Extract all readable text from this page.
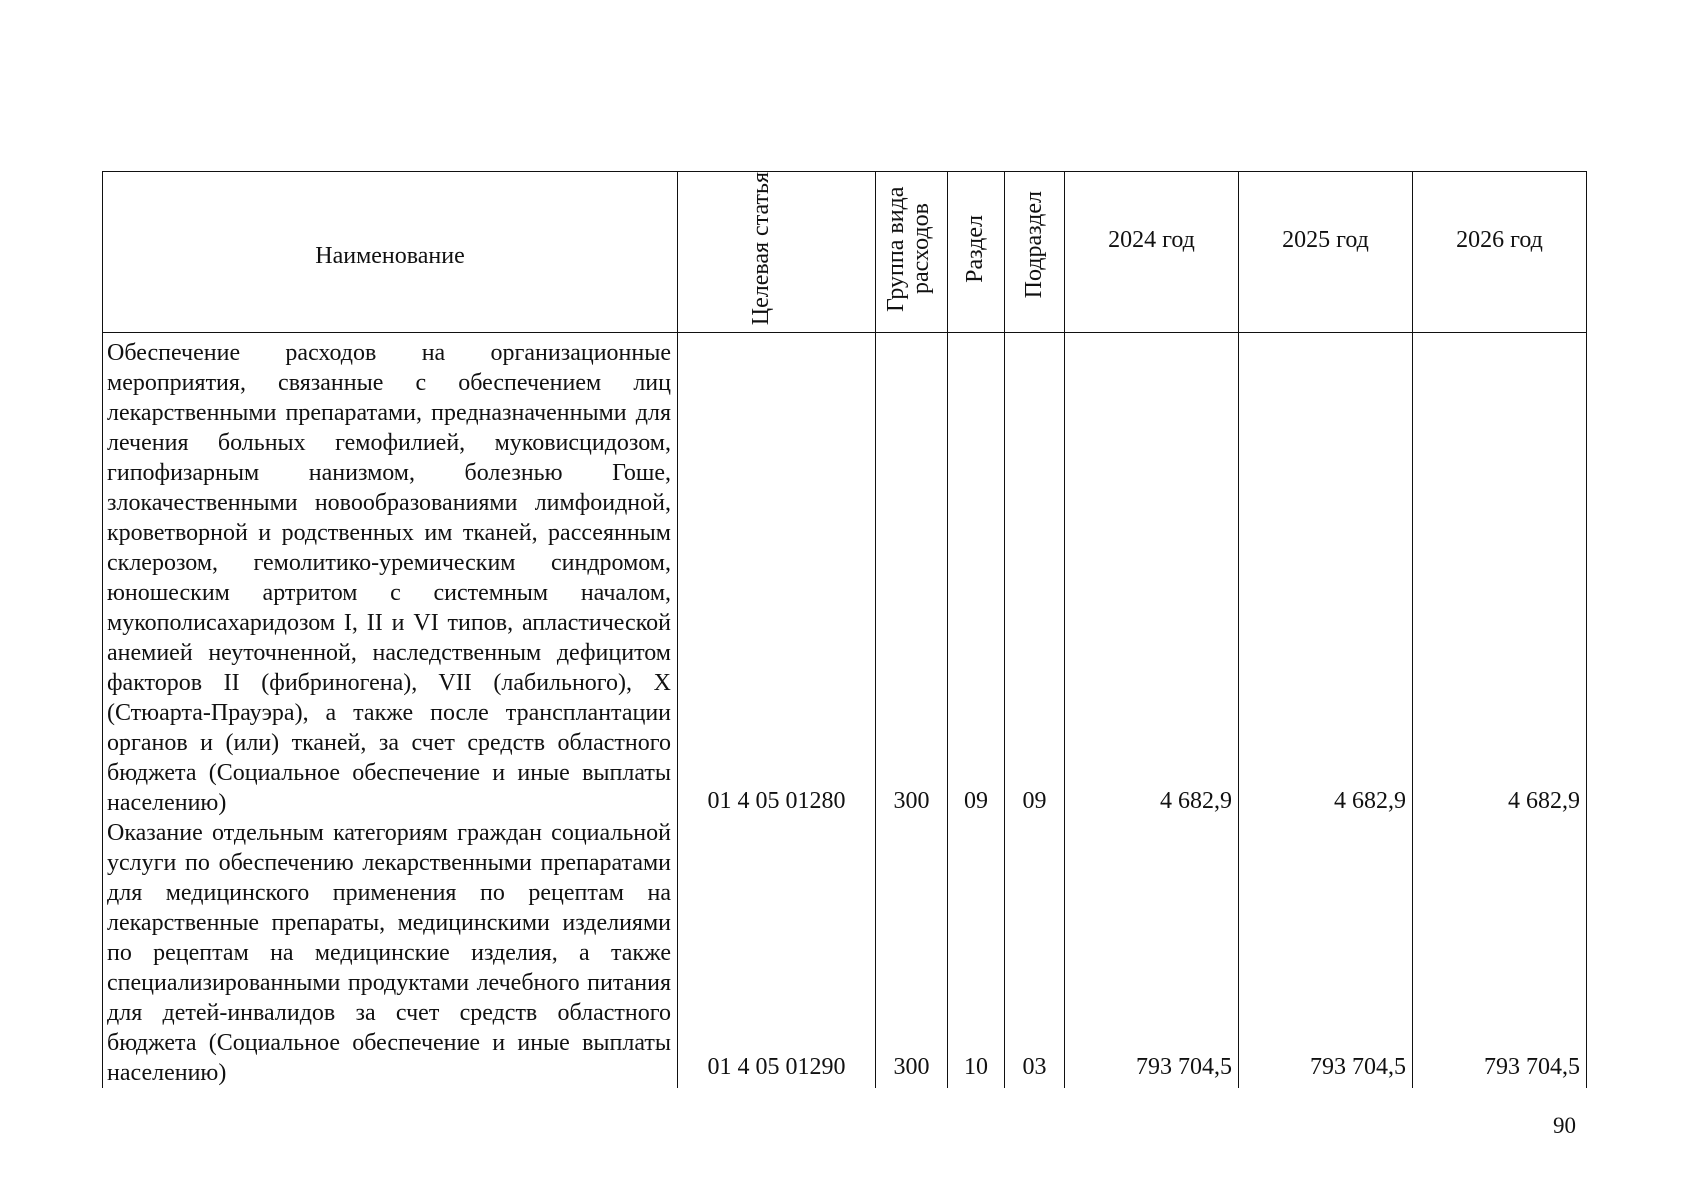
Наименование	Целевая статья	Группа вида расходов	Раздел	Подраздел	2024 год	2025 год	2026 год
Обеспечение расходов на организационные мероприятия, связанные с обеспечением лиц лекарственными препаратами, предназначенными для лечения больных гемофилией, муковисцидозом, гипофизарным нанизмом, болезнью Гоше, злокачественными новообразованиями лимфоидной, кроветворной и родственных им тканей, рассеянным склерозом, гемолитико-уремическим синдромом, юношеским артритом с системным началом, мукополисахаридозом I, II и VI типов, апластической анемией неуточненной, наследственным дефицитом факторов II (фибриногена), VII (лабильного), X (Стюарта-Прауэра), а также после трансплантации органов и (или) тканей, за счет средств областного бюджета (Социальное обеспечение и иные выплаты населению)	01 4 05 01280	300	09	09	4 682,9	4 682,9	4 682,9
Оказание отдельным категориям граждан социальной услуги по обеспечению лекарственными препаратами для медицинского применения по рецептам на лекарственные препараты, медицинскими изделиями по рецептам на медицинские изделия, а также специализированными продуктами лечебного питания для детей-инвалидов за счет средств областного бюджета (Социальное обеспечение и иные выплаты населению)	01 4 05 01290	300	10	03	793 704,5	793 704,5	793 704,5
90
